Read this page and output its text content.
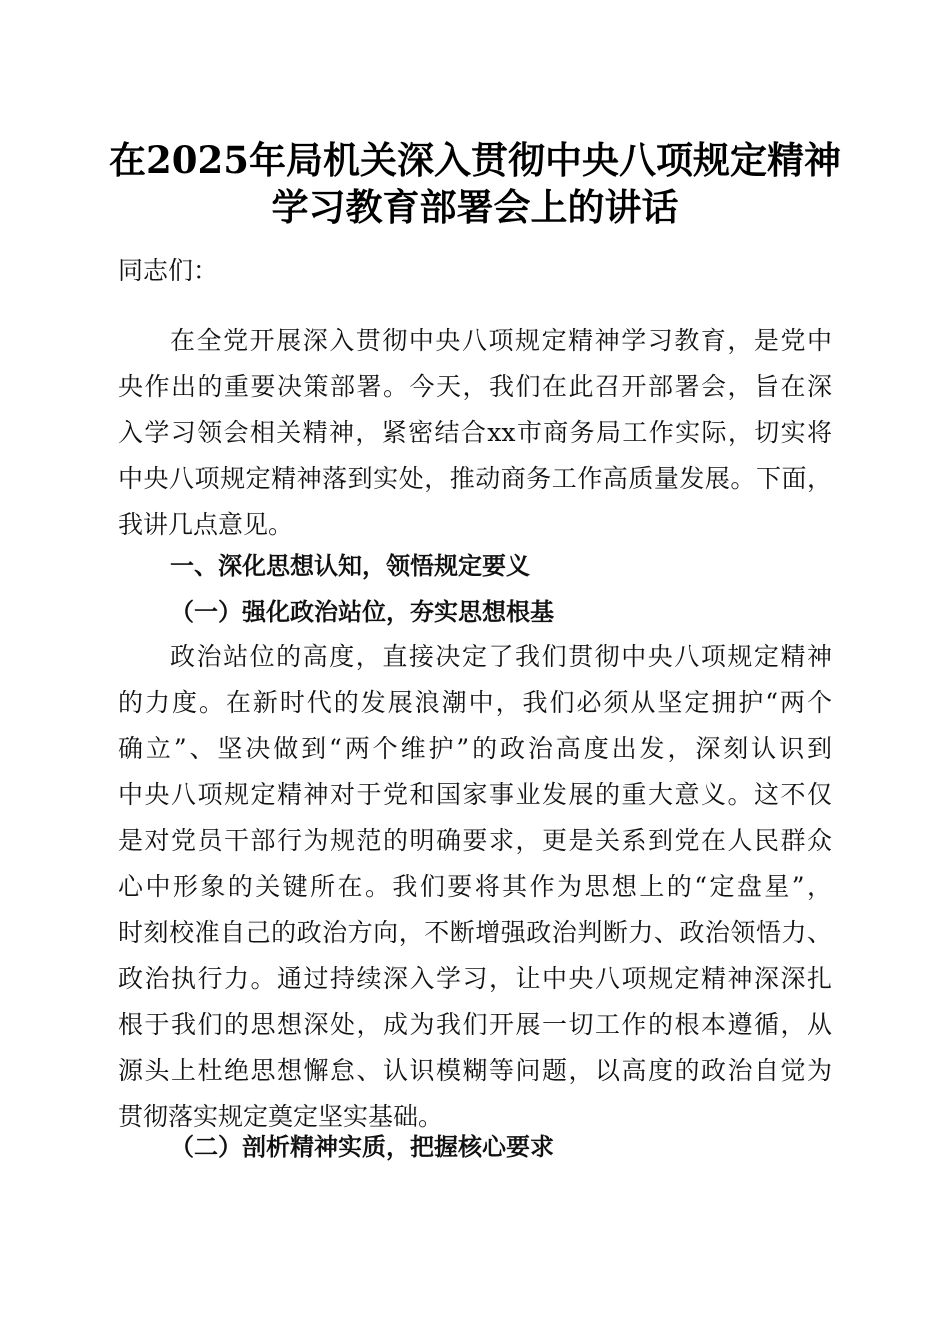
在2025年局机关深入贯彻中央八项规定精神
学习教育部署会上的讲话
同志们：
在全党开展深入贯彻中央八项规定精神学习教育，是党中
央作出的重要决策部署。今天，我们在此召开部署会，旨在深
入学习领会相关精神，紧密结合xx市商务局工作实际，切实将
中央八项规定精神落到实处，推动商务工作高质量发展。下面，
我讲几点意见。
一、深化思想认知，领悟规定要义
（一）强化政治站位，夯实思想根基
政治站位的高度，直接决定了我们贯彻中央八项规定精神
的力度。在新时代的发展浪潮中，我们必须从坚定拥护“两个
确立”、坚决做到“两个维护”的政治高度出发，深刻认识到
中央八项规定精神对于党和国家事业发展的重大意义。这不仅
是对党员干部行为规范的明确要求，更是关系到党在人民群众
心中形象的关键所在。我们要将其作为思想上的“定盘星”，
时刻校准自己的政治方向，不断增强政治判断力、政治领悟力、
政治执行力。通过持续深入学习，让中央八项规定精神深深扎
根于我们的思想深处，成为我们开展一切工作的根本遵循，从
源头上杜绝思想懈怠、认识模糊等问题，以高度的政治自觉为
贯彻落实规定奠定坚实基础。
（二）剖析精神实质，把握核心要求
